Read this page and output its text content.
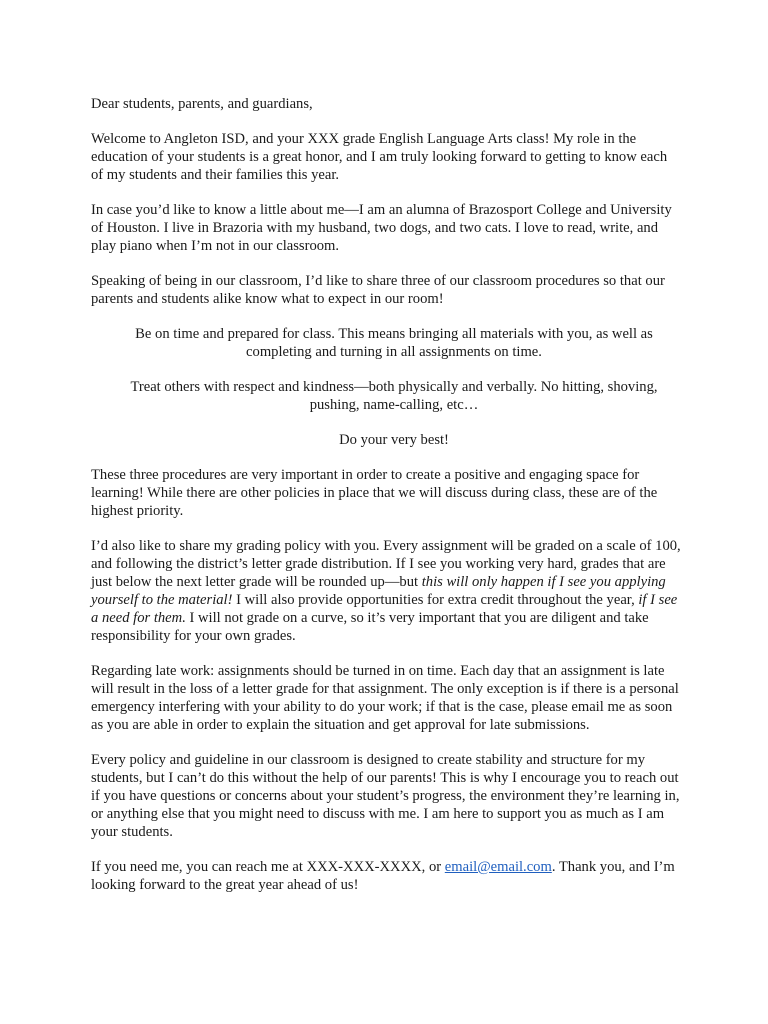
Dear students, parents, and guardians,

Welcome to Angleton ISD, and your XXX grade English Language Arts class! My role in the education of your students is a great honor, and I am truly looking forward to getting to know each of my students and their families this year.

In case you’d like to know a little about me—I am an alumna of Brazosport College and University of Houston. I live in Brazoria with my husband, two dogs, and two cats. I love to read, write, and play piano when I’m not in our classroom.

Speaking of being in our classroom, I’d like to share three of our classroom procedures so that our parents and students alike know what to expect in our room!

Be on time and prepared for class. This means bringing all materials with you, as well as completing and turning in all assignments on time.

Treat others with respect and kindness—both physically and verbally. No hitting, shoving, pushing, name-calling, etc…

Do your very best!

These three procedures are very important in order to create a positive and engaging space for learning! While there are other policies in place that we will discuss during class, these are of the highest priority.

I’d also like to share my grading policy with you. Every assignment will be graded on a scale of 100, and following the district’s letter grade distribution. If I see you working very hard, grades that are just below the next letter grade will be rounded up—but this will only happen if I see you applying yourself to the material! I will also provide opportunities for extra credit throughout the year, if I see a need for them. I will not grade on a curve, so it’s very important that you are diligent and take responsibility for your own grades.

Regarding late work: assignments should be turned in on time. Each day that an assignment is late will result in the loss of a letter grade for that assignment. The only exception is if there is a personal emergency interfering with your ability to do your work; if that is the case, please email me as soon as you are able in order to explain the situation and get approval for late submissions.

Every policy and guideline in our classroom is designed to create stability and structure for my students, but I can’t do this without the help of our parents! This is why I encourage you to reach out if you have questions or concerns about your student’s progress, the environment they’re learning in, or anything else that you might need to discuss with me. I am here to support you as much as I am your students.

If you need me, you can reach me at XXX-XXX-XXXX, or email@email.com. Thank you, and I’m looking forward to the great year ahead of us!
